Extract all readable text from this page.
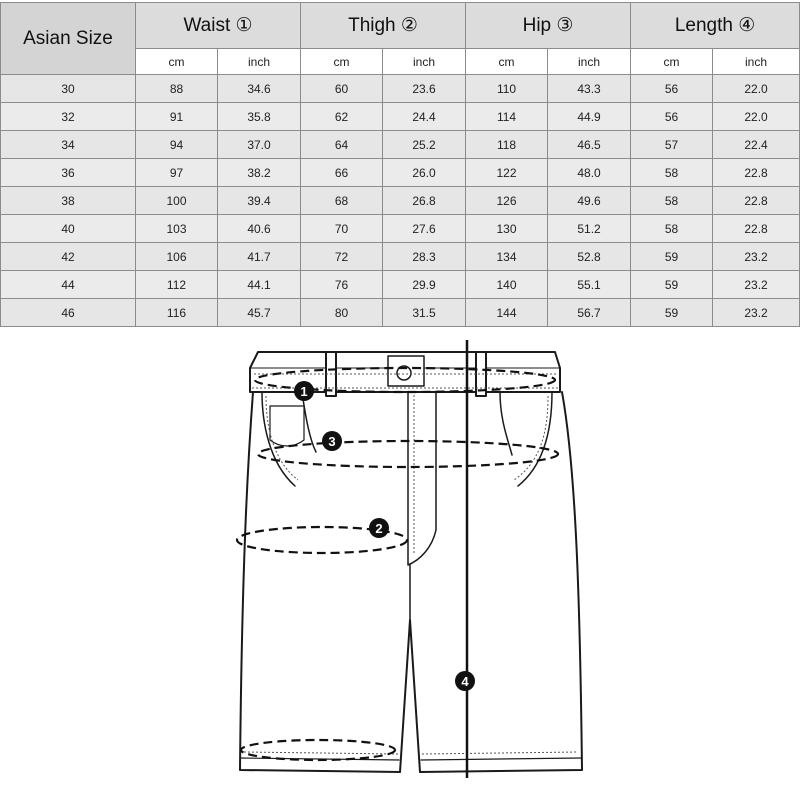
Asian Size	Waist ①		Thigh ②		Hip ③		Length ④	
	cm	inch	cm	inch	cm	inch	cm	inch
30	88	34.6	60	23.6	110	43.3	56	22.0
32	91	35.8	62	24.4	114	44.9	56	22.0
34	94	37.0	64	25.2	118	46.5	57	22.4
36	97	38.2	66	26.0	122	48.0	58	22.8
38	100	39.4	68	26.8	126	49.6	58	22.8
40	103	40.6	70	27.6	130	51.2	58	22.8
42	106	41.7	72	28.3	134	52.8	59	23.2
44	112	44.1	76	29.9	140	55.1	59	23.2
46	116	45.7	80	31.5	144	56.7	59	23.2
1
2
3
4
